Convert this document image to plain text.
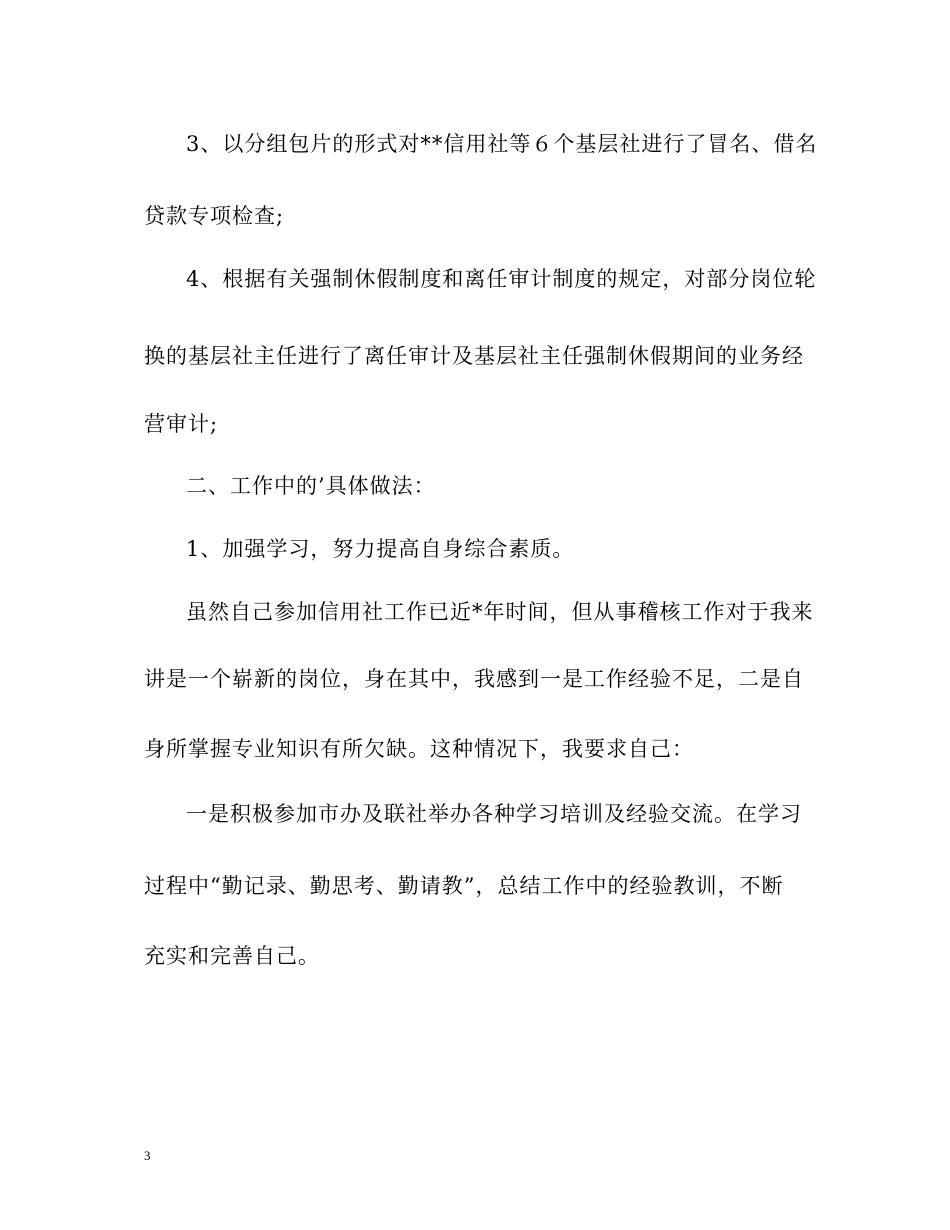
3、以分组包片的形式对**信用社等６个基层社进行了冒名、借名
贷款专项检查;
4、根据有关强制休假制度和离任审计制度的规定，对部分岗位轮
换的基层社主任进行了离任审计及基层社主任强制休假期间的业务经
营审计;
二、工作中的’具体做法：
1、加强学习，努力提高自身综合素质。
虽然自己参加信用社工作已近*年时间，但从事稽核工作对于我来
讲是一个崭新的岗位，身在其中，我感到一是工作经验不足，二是自
身所掌握专业知识有所欠缺。这种情况下，我要求自己：
一是积极参加市办及联社举办各种学习培训及经验交流。在学习
过程中“勤记录、勤思考、勤请教”，总结工作中的经验教训，不断
充实和完善自己。
3
